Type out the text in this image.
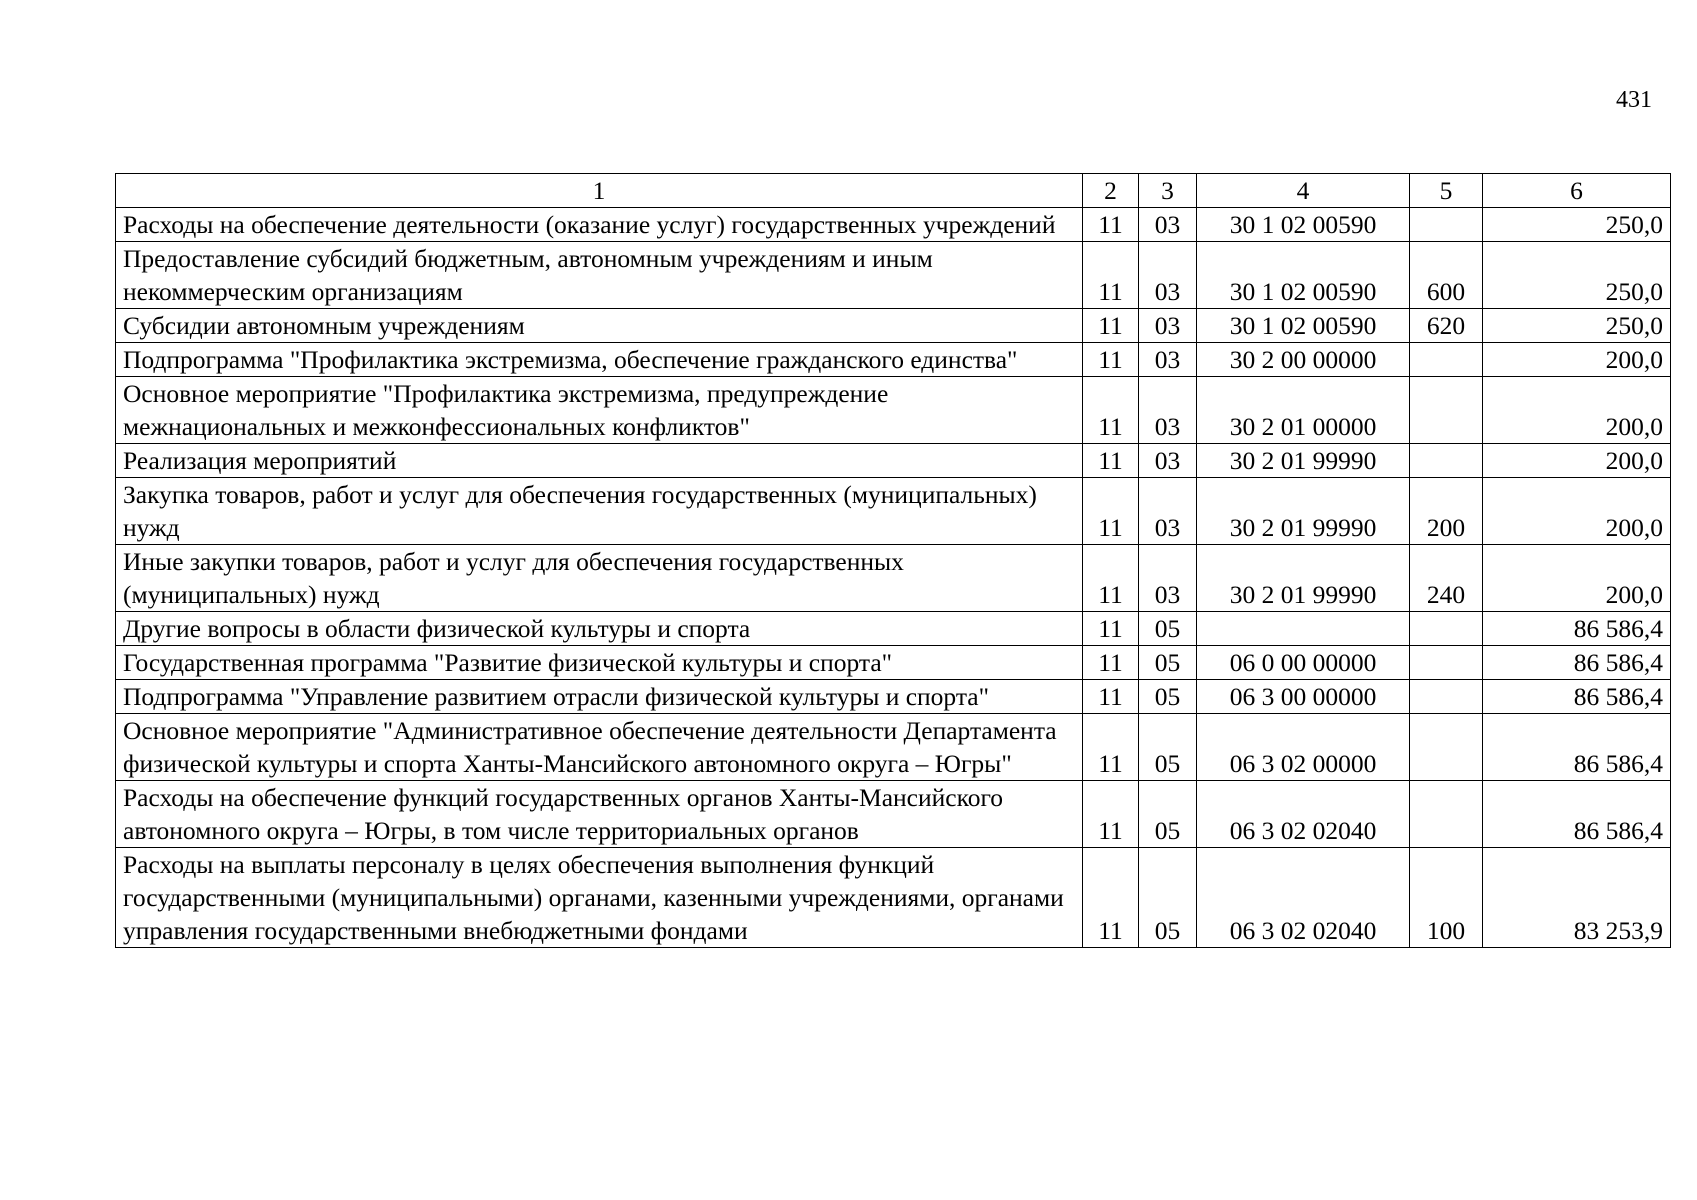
431
1	2	3	4	5	6
Расходы на обеспечение деятельности (оказание услуг) государственных учреждений	11	03	30 1 02 00590		250,0
Предоставление субсидий бюджетным, автономным учреждениям и иным некоммерческим организациям	11	03	30 1 02 00590	600	250,0
Субсидии автономным учреждениям	11	03	30 1 02 00590	620	250,0
Подпрограмма "Профилактика экстремизма, обеспечение гражданского единства"	11	03	30 2 00 00000		200,0
Основное мероприятие "Профилактика экстремизма, предупреждение межнациональных и межконфессиональных конфликтов"	11	03	30 2 01 00000		200,0
Реализация мероприятий	11	03	30 2 01 99990		200,0
Закупка товаров, работ и услуг для обеспечения государственных (муниципальных) нужд	11	03	30 2 01 99990	200	200,0
Иные закупки товаров, работ и услуг для обеспечения государственных (муниципальных) нужд	11	03	30 2 01 99990	240	200,0
Другие вопросы в области физической культуры и спорта	11	05			86 586,4
Государственная программа "Развитие физической культуры и спорта"	11	05	06 0 00 00000		86 586,4
Подпрограмма "Управление развитием отрасли физической культуры и спорта"	11	05	06 3 00 00000		86 586,4
Основное мероприятие "Административное обеспечение деятельности Департамента физической культуры и спорта Ханты-Мансийского автономного округа – Югры"	11	05	06 3 02 00000		86 586,4
Расходы на обеспечение функций государственных органов Ханты-Мансийского автономного округа – Югры, в том числе территориальных органов	11	05	06 3 02 02040		86 586,4
Расходы на выплаты персоналу в целях обеспечения выполнения функций государственными (муниципальными) органами, казенными учреждениями, органами управления государственными внебюджетными фондами	11	05	06 3 02 02040	100	83 253,9
